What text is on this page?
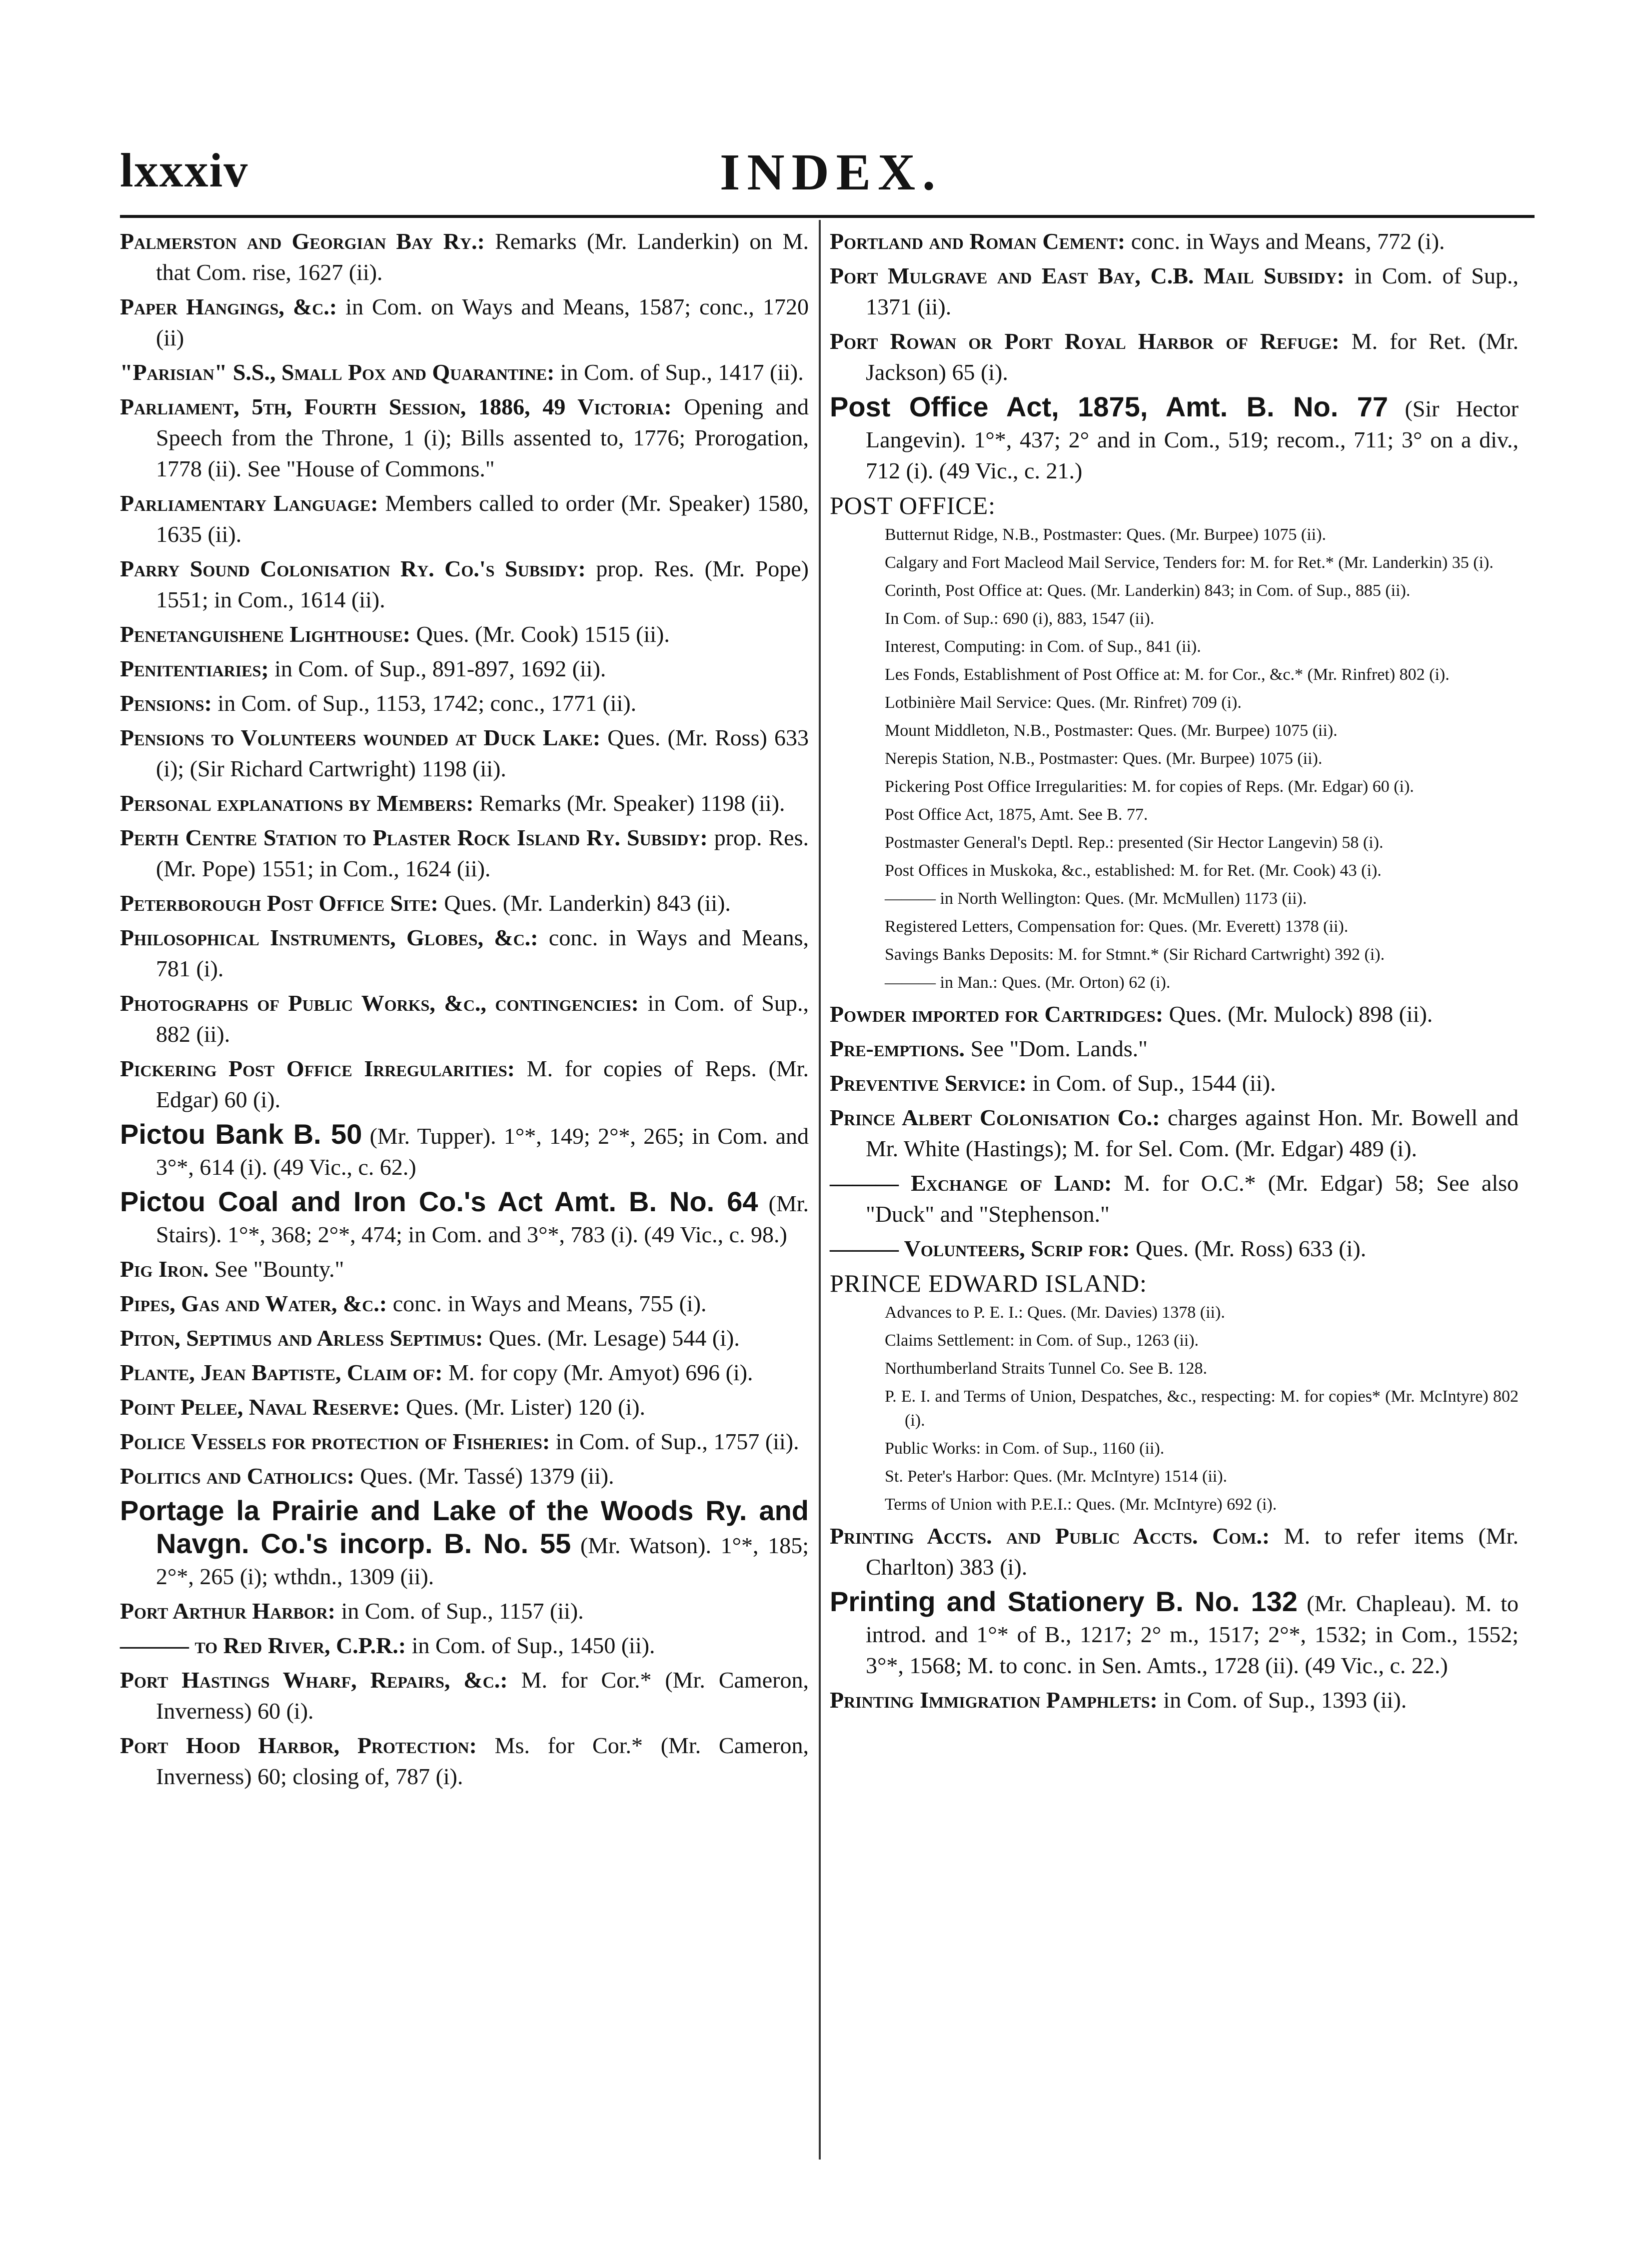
lxxxiv	INDEX.

Palmerston and Georgian Bay Ry.: Remarks (Mr. Landerkin) on M. that Com. rise, 1627 (ii).

Paper Hangings, &c.: in Com. on Ways and Means, 1587; conc., 1720 (ii)

"Parisian" S.S., Small Pox and Quarantine: in Com. of Sup., 1417 (ii).

Parliament, 5th, Fourth Session, 1886, 49 Victoria: Opening and Speech from the Throne, 1 (i); Bills assented to, 1776; Prorogation, 1778 (ii). See "House of Commons."

Parliamentary Language: Members called to order (Mr. Speaker) 1580, 1635 (ii).

Parry Sound Colonisation Ry. Co.'s Subsidy: prop. Res. (Mr. Pope) 1551; in Com., 1614 (ii).

Penetanguishene Lighthouse: Ques. (Mr. Cook) 1515 (ii).

Penitentiaries; in Com. of Sup., 891-897, 1692 (ii).

Pensions: in Com. of Sup., 1153, 1742; conc., 1771 (ii).

Pensions to Volunteers wounded at Duck Lake: Ques. (Mr. Ross) 633 (i); (Sir Richard Cartwright) 1198 (ii).

Personal explanations by Members: Remarks (Mr. Speaker) 1198 (ii).

Perth Centre Station to Plaster Rock Island Ry. Subsidy: prop. Res. (Mr. Pope) 1551; in Com., 1624 (ii).

Peterborough Post Office Site: Ques. (Mr. Landerkin) 843 (ii).

Philosophical Instruments, Globes, &c.: conc. in Ways and Means, 781 (i).

Photographs of Public Works, &c., contingencies: in Com. of Sup., 882 (ii).

Pickering Post Office Irregularities: M. for copies of Reps. (Mr. Edgar) 60 (i).

Pictou Bank B. 50 (Mr. Tupper). 1°*, 149; 2°*, 265; in Com. and 3°*, 614 (i). (49 Vic., c. 62.)

Pictou Coal and Iron Co.'s Act Amt. B. No. 64 (Mr. Stairs). 1°*, 368; 2°*, 474; in Com. and 3°*, 783 (i). (49 Vic., c. 98.)

Pig Iron. See "Bounty."

Pipes, Gas and Water, &c.: conc. in Ways and Means, 755 (i).

Piton, Septimus and Arless Septimus: Ques. (Mr. Lesage) 544 (i).

Plante, Jean Baptiste, Claim of: M. for copy (Mr. Amyot) 696 (i).

Point Pelee, Naval Reserve: Ques. (Mr. Lister) 120 (i).

Police Vessels for protection of Fisheries: in Com. of Sup., 1757 (ii).

Politics and Catholics: Ques. (Mr. Tassé) 1379 (ii).

Portage la Prairie and Lake of the Woods Ry. and Navgn. Co.'s incorp. B. No. 55 (Mr. Watson). 1°*, 185; 2°*, 265 (i); wthdn., 1309 (ii).

Port Arthur Harbor: in Com. of Sup., 1157 (ii).

——— to Red River, C.P.R.: in Com. of Sup., 1450 (ii).

Port Hastings Wharf, Repairs, &c.: M. for Cor.* (Mr. Cameron, Inverness) 60 (i).

Port Hood Harbor, Protection: Ms. for Cor.* (Mr. Cameron, Inverness) 60; closing of, 787 (i).

Portland and Roman Cement: conc. in Ways and Means, 772 (i).

Port Mulgrave and East Bay, C.B. Mail Subsidy: in Com. of Sup., 1371 (ii).

Port Rowan or Port Royal Harbor of Refuge: M. for Ret. (Mr. Jackson) 65 (i).

Post Office Act, 1875, Amt. B. No. 77 (Sir Hector Langevin). 1°*, 437; 2° and in Com., 519; recom., 711; 3° on a div., 712 (i). (49 Vic., c. 21.)

POST OFFICE:

Butternut Ridge, N.B., Postmaster: Ques. (Mr. Burpee) 1075 (ii).

Calgary and Fort Macleod Mail Service, Tenders for: M. for Ret.* (Mr. Landerkin) 35 (i).

Corinth, Post Office at: Ques. (Mr. Landerkin) 843; in Com. of Sup., 885 (ii).

In Com. of Sup.: 690 (i), 883, 1547 (ii).

Interest, Computing: in Com. of Sup., 841 (ii).

Les Fonds, Establishment of Post Office at: M. for Cor., &c.* (Mr. Rinfret) 802 (i).

Lotbinière Mail Service: Ques. (Mr. Rinfret) 709 (i).

Mount Middleton, N.B., Postmaster: Ques. (Mr. Burpee) 1075 (ii).

Nerepis Station, N.B., Postmaster: Ques. (Mr. Burpee) 1075 (ii).

Pickering Post Office Irregularities: M. for copies of Reps. (Mr. Edgar) 60 (i).

Post Office Act, 1875, Amt. See B. 77.

Postmaster General's Deptl. Rep.: presented (Sir Hector Langevin) 58 (i).

Post Offices in Muskoka, &c., established: M. for Ret. (Mr. Cook) 43 (i).

——— in North Wellington: Ques. (Mr. McMullen) 1173 (ii).

Registered Letters, Compensation for: Ques. (Mr. Everett) 1378 (ii).

Savings Banks Deposits: M. for Stmnt.* (Sir Richard Cartwright) 392 (i).

——— in Man.: Ques. (Mr. Orton) 62 (i).

Powder imported for Cartridges: Ques. (Mr. Mulock) 898 (ii).

Pre-emptions. See "Dom. Lands."

Preventive Service: in Com. of Sup., 1544 (ii).

Prince Albert Colonisation Co.: charges against Hon. Mr. Bowell and Mr. White (Hastings); M. for Sel. Com. (Mr. Edgar) 489 (i).

——— Exchange of Land: M. for O.C.* (Mr. Edgar) 58; See also "Duck" and "Stephenson."

——— Volunteers, Scrip for: Ques. (Mr. Ross) 633 (i).

PRINCE EDWARD ISLAND:

Advances to P. E. I.: Ques. (Mr. Davies) 1378 (ii).

Claims Settlement: in Com. of Sup., 1263 (ii).

Northumberland Straits Tunnel Co. See B. 128.

P. E. I. and Terms of Union, Despatches, &c., respecting: M. for copies* (Mr. McIntyre) 802 (i).

Public Works: in Com. of Sup., 1160 (ii).

St. Peter's Harbor: Ques. (Mr. McIntyre) 1514 (ii).

Terms of Union with P.E.I.: Ques. (Mr. McIntyre) 692 (i).

Printing Accts. and Public Accts. Com.: M. to refer items (Mr. Charlton) 383 (i).

Printing and Stationery B. No. 132 (Mr. Chapleau). M. to introd. and 1°* of B., 1217; 2° m., 1517; 2°*, 1532; in Com., 1552; 3°*, 1568; M. to conc. in Sen. Amts., 1728 (ii). (49 Vic., c. 22.)

Printing Immigration Pamphlets: in Com. of Sup., 1393 (ii).
